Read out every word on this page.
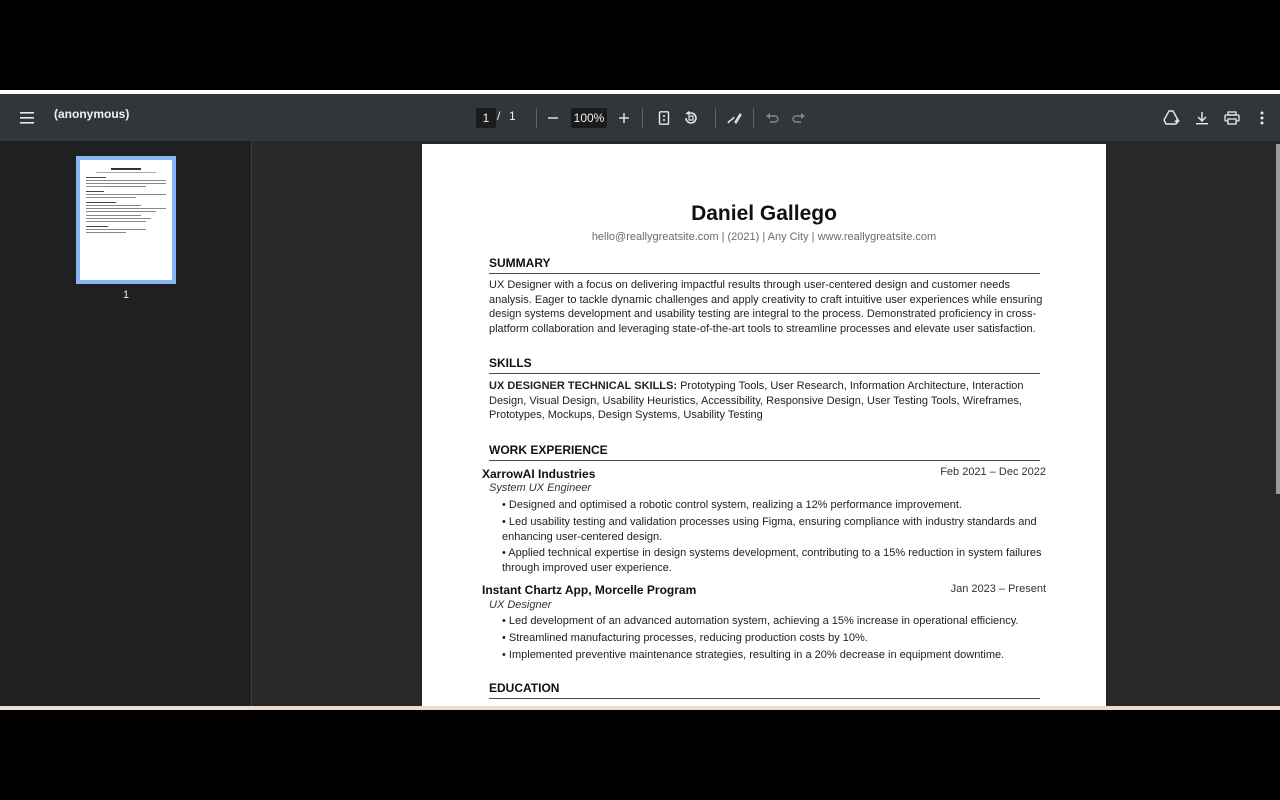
(anonymous)	1 / 1	100%
1
Daniel Gallego
hello@reallygreatsite.com | (2021) | Any City | www.reallygreatsite.com
SUMMARY
UX Designer with a focus on delivering impactful results through user-centered design and customer needs analysis. Eager to tackle dynamic challenges and apply creativity to craft intuitive user experiences while ensuring design systems development and usability testing are integral to the process. Demonstrated proficiency in cross-platform collaboration and leveraging state-of-the-art tools to streamline processes and elevate user satisfaction.
SKILLS
UX DESIGNER TECHNICAL SKILLS: Prototyping Tools, User Research, Information Architecture, Interaction Design, Visual Design, Usability Heuristics, Accessibility, Responsive Design, User Testing Tools, Wireframes, Prototypes, Mockups, Design Systems, Usability Testing
WORK EXPERIENCE
XarrowAI Industries	Feb 2021 – Dec 2022
System UX Engineer
• Designed and optimised a robotic control system, realizing a 12% performance improvement.
• Led usability testing and validation processes using Figma, ensuring compliance with industry standards and enhancing user-centered design.
• Applied technical expertise in design systems development, contributing to a 15% reduction in system failures through improved user experience.
Instant Chartz App, Morcelle Program	Jan 2023 – Present
UX Designer
• Led development of an advanced automation system, achieving a 15% increase in operational efficiency.
• Streamlined manufacturing processes, reducing production costs by 10%.
• Implemented preventive maintenance strategies, resulting in a 20% decrease in equipment downtime.
EDUCATION
